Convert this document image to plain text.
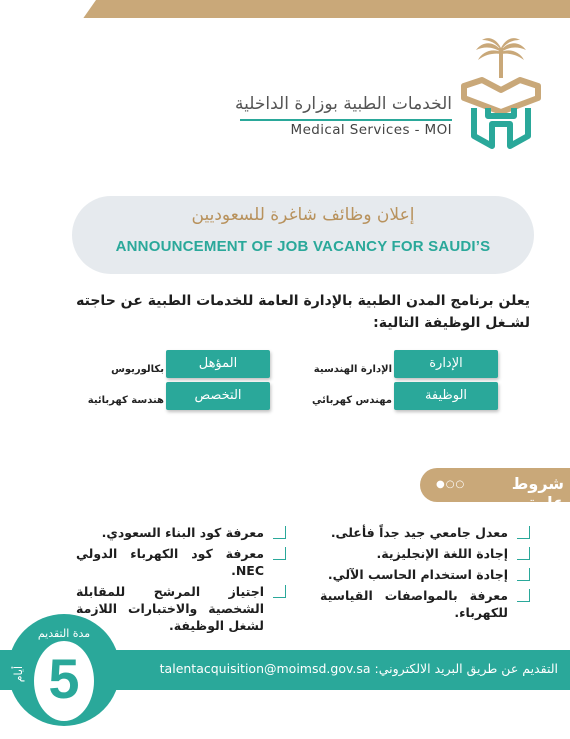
الخدمات الطبية بوزارة الداخلية
Medical Services - MOI
إعلان وظائف شاغرة للسعوديين
ANNOUNCEMENT OF JOB VACANCY FOR SAUDI’S
يعلن برنامج المدن الطبية بالإدارة العامة للخدمات الطبية عن حاجته لشـغل الوظيفة التالية:
الإدارة
الإدارة الهندسية
الوظيفة
مهندس كهربائي
المؤهل
بكالوريوس
التخصص
هندسة كهربائية
شروط عامة
●○○
معدل جامعي جيد جداً فأعلى.
إجادة اللغة الإنجليزية.
إجادة استخدام الحاسب الآلي.
معرفة بالمواصفات القياسية للكهرباء.
معرفة كود البناء السعودي.
معرفة كود الكهرباء الدولي NEC.
اجتياز المرشح للمقابلة الشخصية والاختبارات اللازمة لشغل الوظيفة.
التقديم عن طريق البريد الالكتروني: talentacquisition@moimsd.gov.sa
مدة التقديم
5
أيام
